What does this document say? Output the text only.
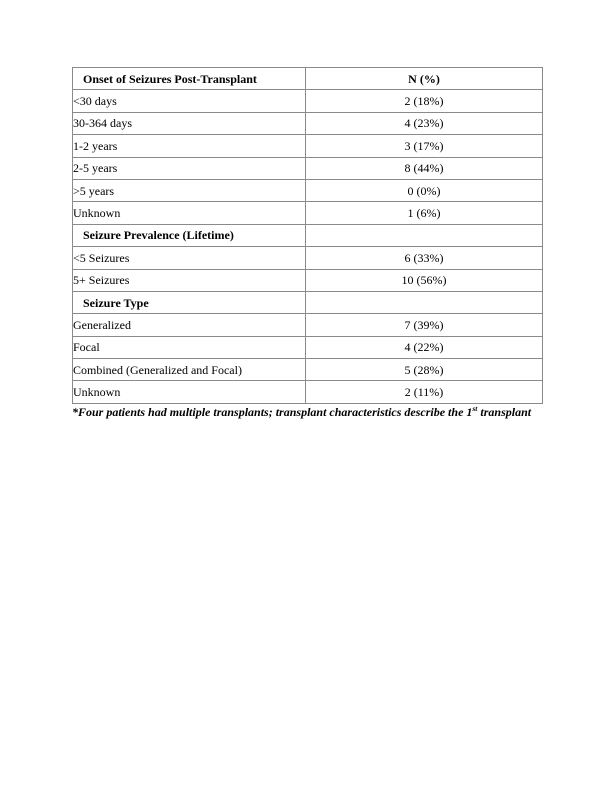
Onset of Seizures Post-Transplant	N (%)
<30 days	2 (18%)
30-364 days	4 (23%)
1-2 years	3 (17%)
2-5 years	8 (44%)
>5 years	0 (0%)
Unknown	1 (6%)
Seizure Prevalence (Lifetime)	
<5 Seizures	6 (33%)
5+ Seizures	10 (56%)
Seizure Type	
Generalized	7 (39%)
Focal	4 (22%)
Combined (Generalized and Focal)	5 (28%)
Unknown	2 (11%)

*Four patients had multiple transplants; transplant characteristics describe the 1st transplant
